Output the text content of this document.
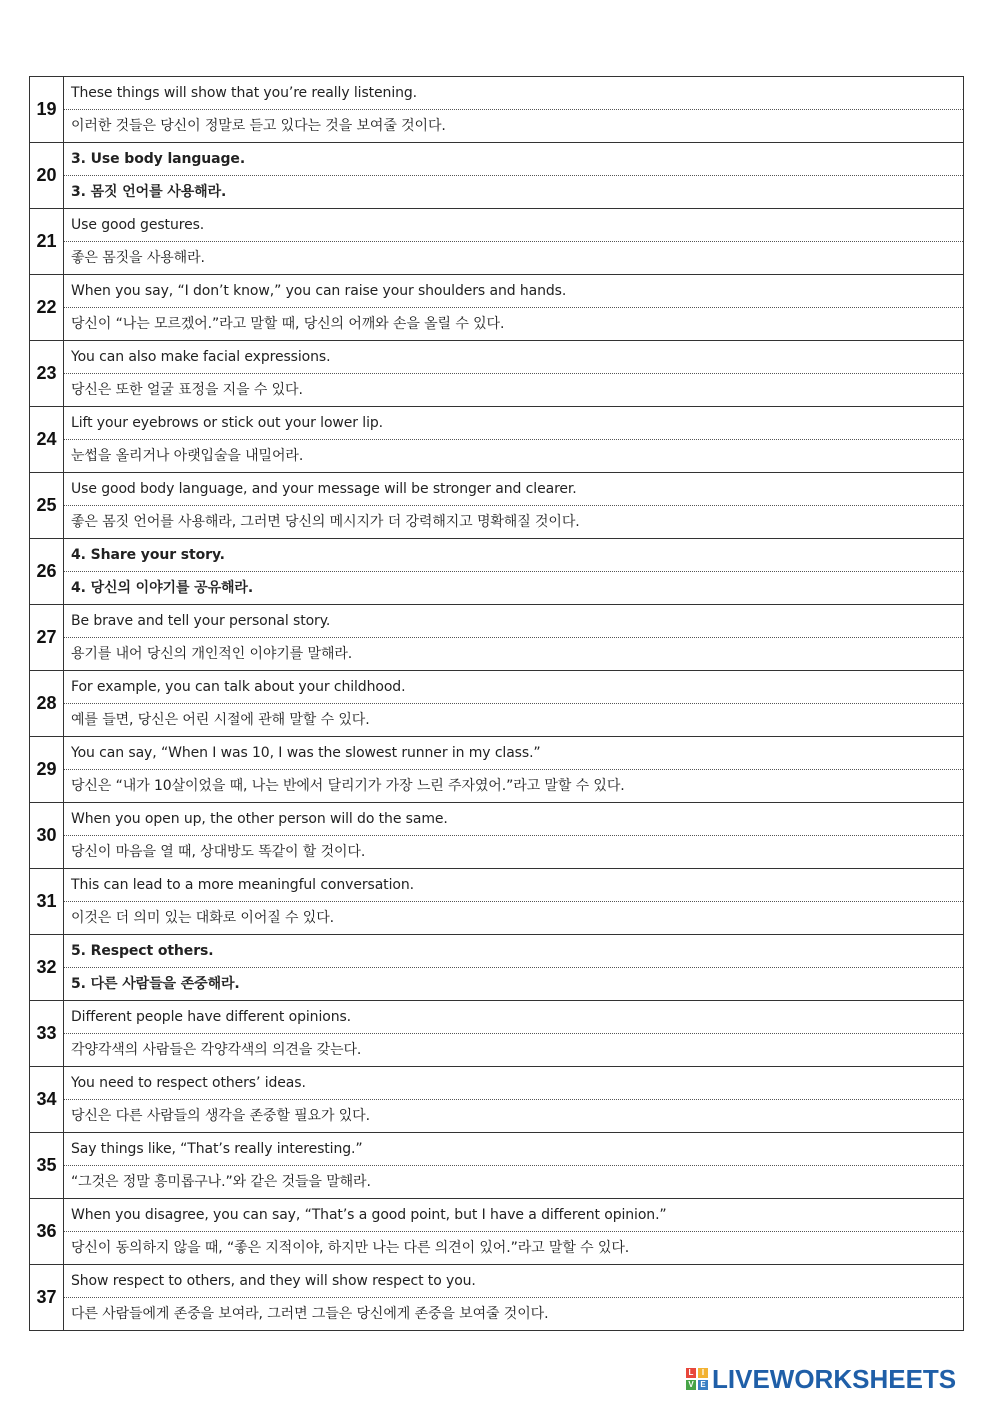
19	These things will show that you’re really listening.
이러한 것들은 당신이 정말로 듣고 있다는 것을 보여줄 것이다.

20	3. Use body language.
3. 몸짓 언어를 사용해라.

21	Use good gestures.
좋은 몸짓을 사용해라.

22	When you say, “I don’t know,” you can raise your shoulders and hands.
당신이 “나는 모르겠어.”라고 말할 때, 당신의 어깨와 손을 올릴 수 있다.

23	You can also make facial expressions.
당신은 또한 얼굴 표정을 지을 수 있다.

24	Lift your eyebrows or stick out your lower lip.
눈썹을 올리거나 아랫입술을 내밀어라.

25	Use good body language, and your message will be stronger and clearer.
좋은 몸짓 언어를 사용해라, 그러면 당신의 메시지가 더 강력해지고 명확해질 것이다.

26	4. Share your story.
4. 당신의 이야기를 공유해라.

27	Be brave and tell your personal story.
용기를 내어 당신의 개인적인 이야기를 말해라.

28	For example, you can talk about your childhood.
예를 들면, 당신은 어린 시절에 관해 말할 수 있다.

29	You can say, “When I was 10, I was the slowest runner in my class.”
당신은 “내가 10살이었을 때, 나는 반에서 달리기가 가장 느린 주자였어.”라고 말할 수 있다.

30	When you open up, the other person will do the same.
당신이 마음을 열 때, 상대방도 똑같이 할 것이다.

31	This can lead to a more meaningful conversation.
이것은 더 의미 있는 대화로 이어질 수 있다.

32	5. Respect others.
5. 다른 사람들을 존중해라.

33	Different people have different opinions.
각양각색의 사람들은 각양각색의 의견을 갖는다.

34	You need to respect others’ ideas.
당신은 다른 사람들의 생각을 존중할 필요가 있다.

35	Say things like, “That’s really interesting.”
“그것은 정말 흥미롭구나.”와 같은 것들을 말해라.

36	When you disagree, you can say, “That’s a good point, but I have a different opinion.”
당신이 동의하지 않을 때, “좋은 지적이야, 하지만 나는 다른 의견이 있어.”라고 말할 수 있다.

37	Show respect to others, and they will show respect to you.
다른 사람들에게 존중을 보여라, 그러면 그들은 당신에게 존중을 보여줄 것이다.
L	I
V E LIVEWORKSHEETS
